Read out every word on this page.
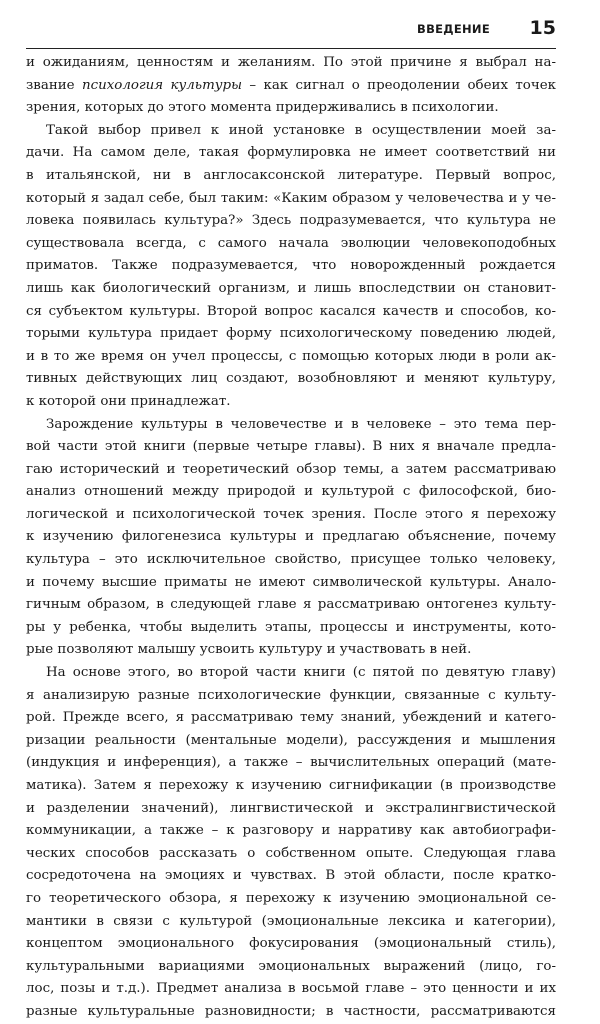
ВВЕДЕНИЕ 15
и ожиданиям, ценностям и желаниям. По этой причине я выбрал на-
звание психология культуры – как сигнал о преодолении обеих точек
зрения, которых до этого момента придерживались в психологии.
Такой выбор привел к иной установке в осуществлении моей за-
дачи. На самом деле, такая формулировка не имеет соответствий ни
в итальянской, ни в англосаксонской литературе. Первый вопрос,
который я задал себе, был таким: «Каким образом у человечества и у че-
ловека появилась культура?» Здесь подразумевается, что культура не
существовала всегда, с самого начала эволюции человекоподобных
приматов. Также подразумевается, что новорожденный рождается
лишь как биологический организм, и лишь впоследствии он становит-
ся субъектом культуры. Второй вопрос касался качеств и способов, ко-
торыми культура придает форму психологическому поведению людей,
и в то же время он учел процессы, с помощью которых люди в роли ак-
тивных действующих лиц создают, возобновляют и меняют культуру,
к которой они принадлежат.
Зарождение культуры в человечестве и в человеке – это тема пер-
вой части этой книги (первые четыре главы). В них я вначале предла-
гаю исторический и теоретический обзор темы, а затем рассматриваю
анализ отношений между природой и культурой с философской, био-
логической и психологической точек зрения. После этого я перехожу
к изучению филогенезиса культуры и предлагаю объяснение, почему
культура – это исключительное свойство, присущее только человеку,
и почему высшие приматы не имеют символической культуры. Анало-
гичным образом, в следующей главе я рассматриваю онтогенез культу-
ры у ребенка, чтобы выделить этапы, процессы и инструменты, кото-
рые позволяют малышу усвоить культуру и участвовать в ней.
На основе этого, во второй части книги (с пятой по девятую главу)
я анализирую разные психологические функции, связанные с культу-
рой. Прежде всего, я рассматриваю тему знаний, убеждений и катего-
ризации реальности (ментальные модели), рассуждения и мышления
(индукция и инференция), а также – вычислительных операций (мате-
матика). Затем я перехожу к изучению сигнификации (в производстве
и разделении значений), лингвистической и экстралингвистической
коммуникации, а также – к разговору и нарративу как автобиографи-
ческих способов рассказать о собственном опыте. Следующая глава
сосредоточена на эмоциях и чувствах. В этой области, после кратко-
го теоретического обзора, я перехожу к изучению эмоциональной се-
мантики в связи с культурой (эмоциональные лексика и категории),
концептом эмоционального фокусирования (эмоциональный стиль),
культуральными вариациями эмоциональных выражений (лицо, го-
лос, позы и т.д.). Предмет анализа в восьмой главе – это ценности и их
разные культуральные разновидности; в частности, рассматриваются
